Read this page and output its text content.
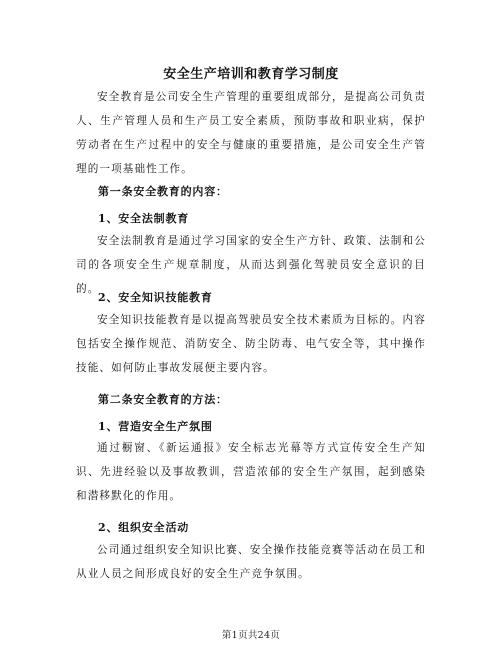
安全生产培训和教育学习制度
安全教育是公司安全生产管理的重要组成部分，是提高公司负责人、生产管理人员和生产员工安全素质，预防事故和职业病，保护劳动者在生产过程中的安全与健康的重要措施，是公司安全生产管理的一项基础性工作。
第一条安全教育的内容：
1、安全法制教育
安全法制教育是通过学习国家的安全生产方针、政策、法制和公司的各项安全生产规章制度，从而达到强化驾驶员安全意识的目的。
2、安全知识技能教育
安全知识技能教育是以提高驾驶员安全技术素质为目标的。内容包括安全操作规范、消防安全、防尘防毒、电气安全等，其中操作技能、如何防止事故发展便主要内容。
第二条安全教育的方法：
1、营造安全生产氛围
通过橱窗、《新运通报》安全标志光幕等方式宣传安全生产知识、先进经验以及事故教训，营造浓郁的安全生产氛围，起到感染和潜移默化的作用。
2、组织安全活动
公司通过组织安全知识比赛、安全操作技能竞赛等活动在员工和从业人员之间形成良好的安全生产竞争氛围。
第1页共24页
